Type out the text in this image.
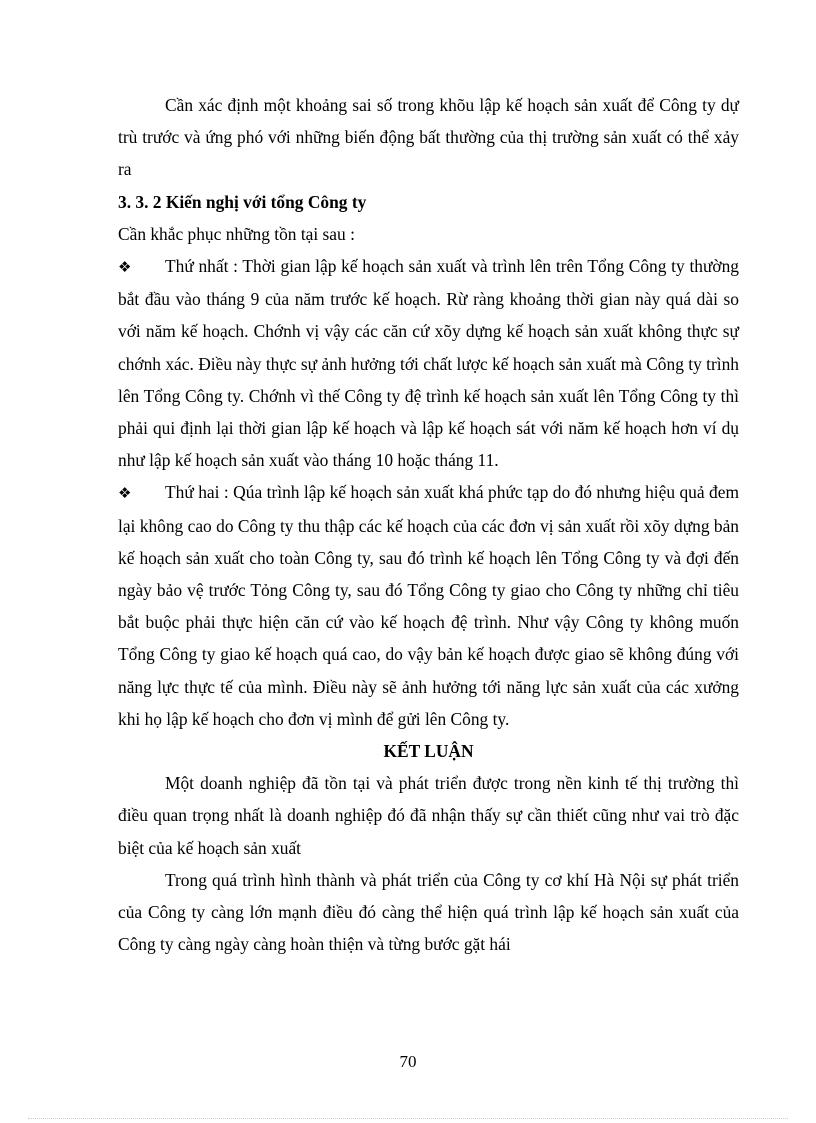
Cần xác định một khoảng sai số trong khõu lập kế hoạch sản xuất để Công ty dự trù trước và ứng phó với những biến động bất thường của thị trường sản xuất có thể xảy ra

3. 3. 2 Kiến nghị với tổng Công ty

Cần khắc phục những tồn tại sau :

❖ Thứ nhất : Thời gian lập kế hoạch sản xuất và trình lên trên Tổng Công ty thường bắt đầu vào tháng 9 của năm trước kế hoạch. Rừ ràng khoảng thời gian này quá dài so với năm kế hoạch. Chớnh vị vậy các căn cứ xõy dựng kế hoạch sản xuất không thực sự chớnh xác. Điều này thực sự ảnh hưởng tới chất lược kế hoạch sản xuất mà Công ty trình lên Tổng Công ty. Chớnh vì thế Công ty đệ trình kế hoạch sản xuất lên Tổng Công ty thì phải qui định lại thời gian lập kế hoạch và lập kế hoạch sát với năm kế hoạch hơn ví dụ như lập kế hoạch sản xuất vào tháng 10 hoặc tháng 11.

❖ Thứ hai : Qúa trình lập kế hoạch sản xuất khá phức tạp do đó nhưng hiệu quả đem lại không cao do Công ty thu thập các kế hoạch của các đơn vị sản xuất rồi xõy dựng bản kế hoạch sản xuất cho toàn Công ty, sau đó trình kế hoạch lên Tổng Công ty và đợi đến ngày bảo vệ trước Tỏng Công ty, sau đó Tổng Công ty giao cho Công ty những chỉ tiêu bắt buộc phải thực hiện căn cứ vào kế hoạch đệ trình. Như vậy Công ty không muốn Tổng Công ty giao kế hoạch quá cao, do vậy bản kế hoạch được giao sẽ không đúng với năng lực thực tế của mình. Điều này sẽ ảnh hưởng tới năng lực sản xuất của các xưởng khi họ lập kế hoạch cho đơn vị mình để gửi lên Công ty.

KẾT LUẬN

Một doanh nghiệp đã tồn tại và phát triển được trong nền kinh tế thị trường thì điều quan trọng nhất là doanh nghiệp đó đã nhận thấy sự cần thiết cũng như vai trò đặc biệt của kế hoạch sản xuất

Trong quá trình hình thành và phát triển của Công ty cơ khí Hà Nội sự phát triển của Công ty càng lớn mạnh điều đó càng thể hiện quá trình lập kế hoạch sản xuất của Công ty càng ngày càng hoàn thiện và từng bước gặt hái

70
